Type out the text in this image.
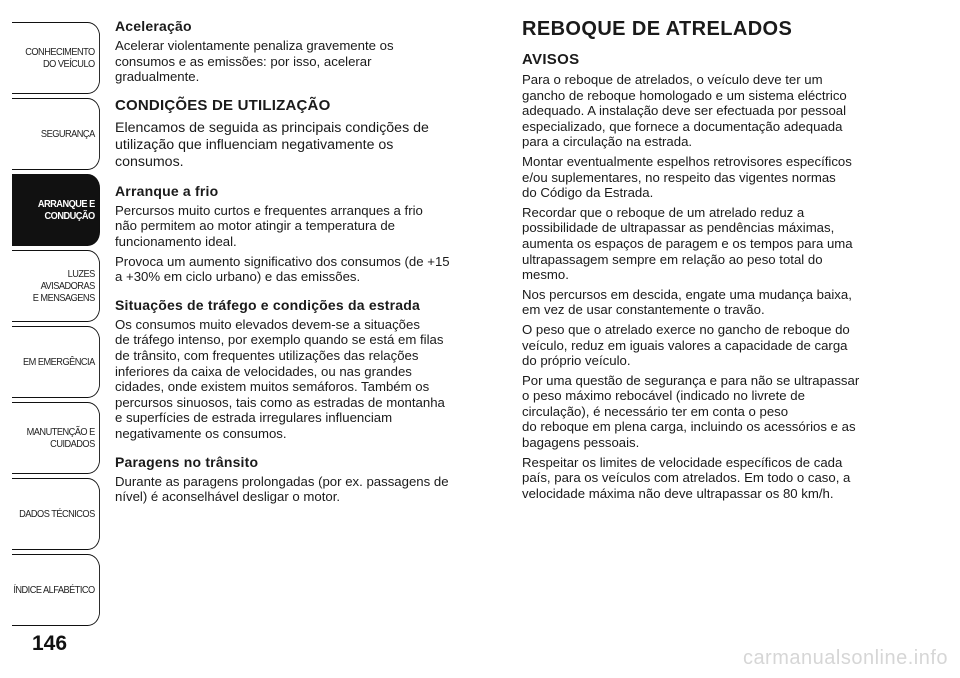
CONHECIMENTO
DO VEÍCULO
SEGURANÇA
ARRANQUE E
CONDUÇÃO
LUZES AVISADORAS
E MENSAGENS
EM EMERGÊNCIA
MANUTENÇÃO E
CUIDADOS
DADOS TÉCNICOS
ÍNDICE ALFABÉTICO
146
Aceleração

Acelerar violentamente penaliza gravemente os
consumos e as emissões: por isso, acelerar
gradualmente.

CONDIÇÕES DE UTILIZAÇÃO

Elencamos de seguida as principais condições de
utilização que influenciam negativamente os
consumos.

Arranque a frio

Percursos muito curtos e frequentes arranques a frio
não permitem ao motor atingir a temperatura de
funcionamento ideal.

Provoca um aumento significativo dos consumos (de +15
a +30% em ciclo urbano) e das emissões.

Situações de tráfego e condições da estrada

Os consumos muito elevados devem-se a situações
de tráfego intenso, por exemplo quando se está em filas
de trânsito, com frequentes utilizações das relações
inferiores da caixa de velocidades, ou nas grandes
cidades, onde existem muitos semáforos. Também os
percursos sinuosos, tais como as estradas de montanha
e superfícies de estrada irregulares influenciam
negativamente os consumos.

Paragens no trânsito

Durante as paragens prolongadas (por ex. passagens de
nível) é aconselhável desligar o motor.

REBOQUE DE ATRELADOS
AVISOS

Para o reboque de atrelados, o veículo deve ter um
gancho de reboque homologado e um sistema eléctrico
adequado. A instalação deve ser efectuada por pessoal
especializado, que fornece a documentação adequada
para a circulação na estrada.

Montar eventualmente espelhos retrovisores específicos
e/ou suplementares, no respeito das vigentes normas
do Código da Estrada.

Recordar que o reboque de um atrelado reduz a
possibilidade de ultrapassar as pendências máximas,
aumenta os espaços de paragem e os tempos para uma
ultrapassagem sempre em relação ao peso total do
mesmo.

Nos percursos em descida, engate uma mudança baixa,
em vez de usar constantemente o travão.

O peso que o atrelado exerce no gancho de reboque do
veículo, reduz em iguais valores a capacidade de carga
do próprio veículo.

Por uma questão de segurança e para não se ultrapassar
o peso máximo rebocável (indicado no livrete de
circulação), é necessário ter em conta o peso
do reboque em plena carga, incluindo os acessórios e as
bagagens pessoais.

Respeitar os limites de velocidade específicos de cada
país, para os veículos com atrelados. Em todo o caso, a
velocidade máxima não deve ultrapassar os 80 km/h.

carmanualsonline.info
